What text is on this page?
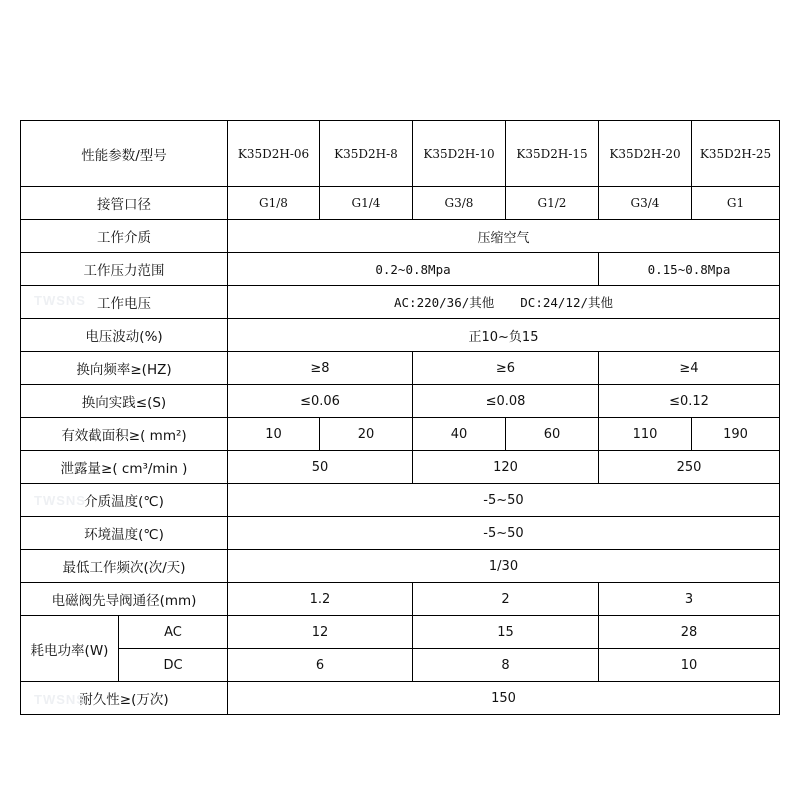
性能参数/型号		K35D2H-06	K35D2H-8	K35D2H-10	K35D2H-15	K35D2H-20	K35D2H-25
接管口径		G1/8	G1/4	G3/8	G1/2	G3/4	G1
工作介质		压缩空气					
工作压力范围		0.2~0.8Mpa				0.15~0.8Mpa	
工作电压		AC:220/36/其他 DC:24/12/其他					
电压波动(%)		正10~负15					
换向频率≥(HZ)		≥8		≥6		≥4	
换向实践≤(S)		≤0.06		≤0.08		≤0.12	
有效截面积≥( mm²)		10	20	40	60	110	190
泄露量≥( cm³/min )		50		120		250	
介质温度(℃)		-5~50					
环境温度(℃)		-5~50					
最低工作频次(次/天)		1/30					
电磁阀先导阀通径(mm)		1.2		2		3	
耗电功率(W)	AC	12		15		28	
	DC	6		8		10	
耐久性≥(万次)		150					
TWSNS
TWSNS
TWSNS
